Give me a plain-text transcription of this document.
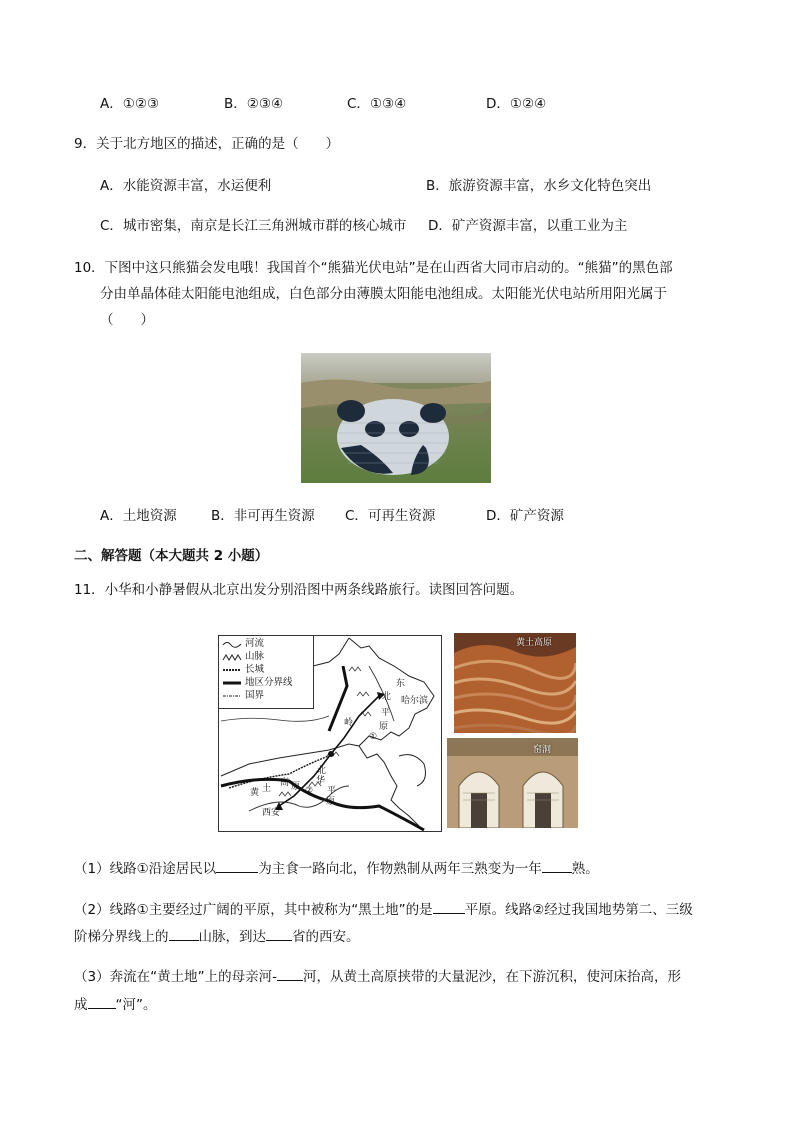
A．①②③	B．②③④	C．①③④	D．①②④
9．关于北方地区的描述，正确的是（　　）
A．水能资源丰富，水运便利	B．旅游资源丰富，水乡文化特色突出
C．城市密集，南京是长江三角洲城市群的核心城市 D．矿产资源丰富，以重工业为主
10．下图中这只熊猫会发电哦！我国首个“熊猫光伏电站”是在山西省大同市启动的。“熊猫”的黑色部
分由单晶体硅太阳能电池组成，白色部分由薄膜太阳能电池组成。太阳能光伏电站所用阳光属于
（　　）
A．土地资源	B．非可再生资源 C．可再生资源	D．矿产资源
二、解答题（本大题共 2 小题）
11．小华和小静暑假从北京出发分别沿图中两条线路旅行。读图回答问题。
河流
山脉
长城
地区分界线
国界
东
北 哈尔滨
平
原
岭
①
高 原
黄 土
北
华
平
原
②
西安
黄土高原
窑洞
（1）线路①沿途居民以	为主食一路向北，作物熟制从两年三熟变为一年 熟。
（2）线路①主要经过广阔的平原，其中被称为“黑土地”的是 平原。线路②经过我国地势第二、三级
阶梯分界线上的 山脉，到达 省的西安。
（3）奔流在“黄土地”上的母亲河- 河，从黄土高原挟带的大量泥沙，在下游沉积，使河床抬高，形
成 “河”。
